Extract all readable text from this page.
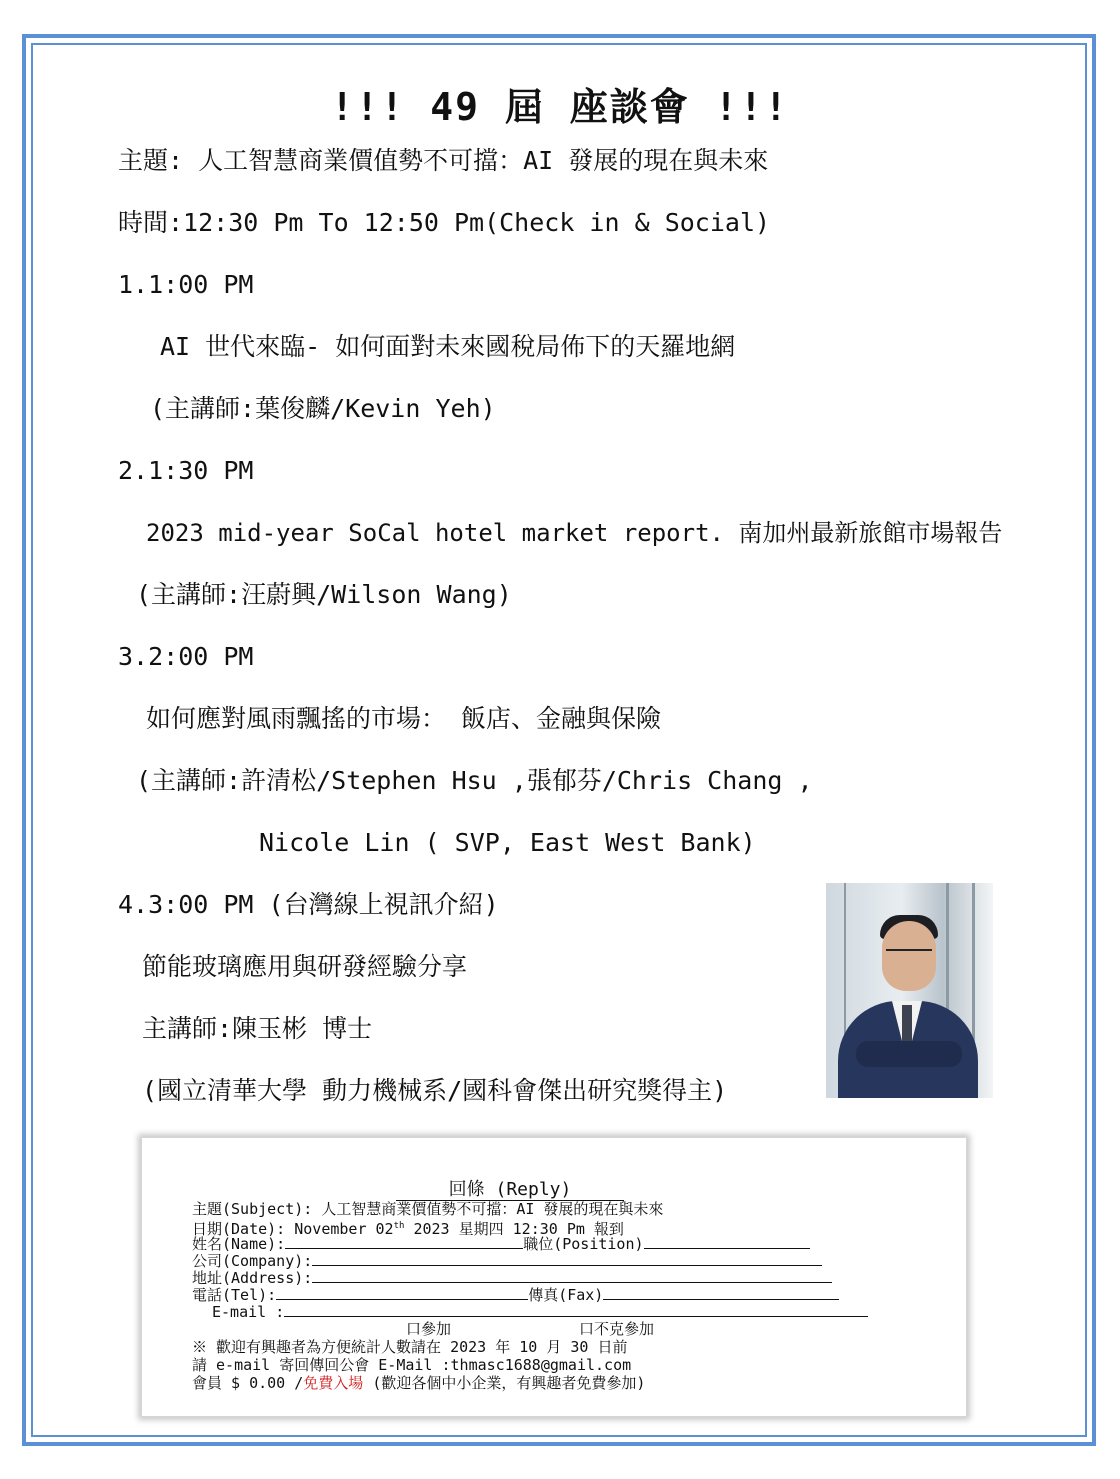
!!! 49 屆 座談會 !!!
主題: 人工智慧商業價值勢不可擋：AI 發展的現在與未來
時間:12:30 Pm To 12:50 Pm(Check in & Social)
1.1:00 PM
AI 世代來臨- 如何面對未來國稅局佈下的天羅地網
(主講師:葉俊麟/Kevin Yeh)
2.1:30 PM
2023 mid-year SoCal hotel market report. 南加州最新旅館市場報告
(主講師:汪蔚興/Wilson Wang)
3.2:00 PM
如何應對風雨飄搖的市場： 飯店、金融與保險
(主講師:許清松/Stephen Hsu ,張郁芬/Chris Chang ,
Nicole Lin ( SVP, East West Bank)
4.3:00 PM (台灣線上視訊介紹)
節能玻璃應用與研發經驗分享
主講師:陳玉彬 博士
(國立清華大學 動力機械系/國科會傑出研究獎得主)
回條 (Reply)
主題(Subject): 人工智慧商業價值勢不可擋：AI 發展的現在與未來
日期(Date): November 02th 2023 星期四 12:30 Pm 報到
姓名(Name):	職位(Position)
公司(Company):
地址(Address):
電話(Tel):	傳真(Fax)
E-mail :
口參加	口不克參加
※ 歡迎有興趣者為方便統計人數請在 2023 年 10 月 30 日前
請 e-mail 寄回傳回公會 E-Mail :thmasc1688@gmail.com
會員 $ 0.00 /免費入場 (歡迎各個中小企業，有興趣者免費參加)
